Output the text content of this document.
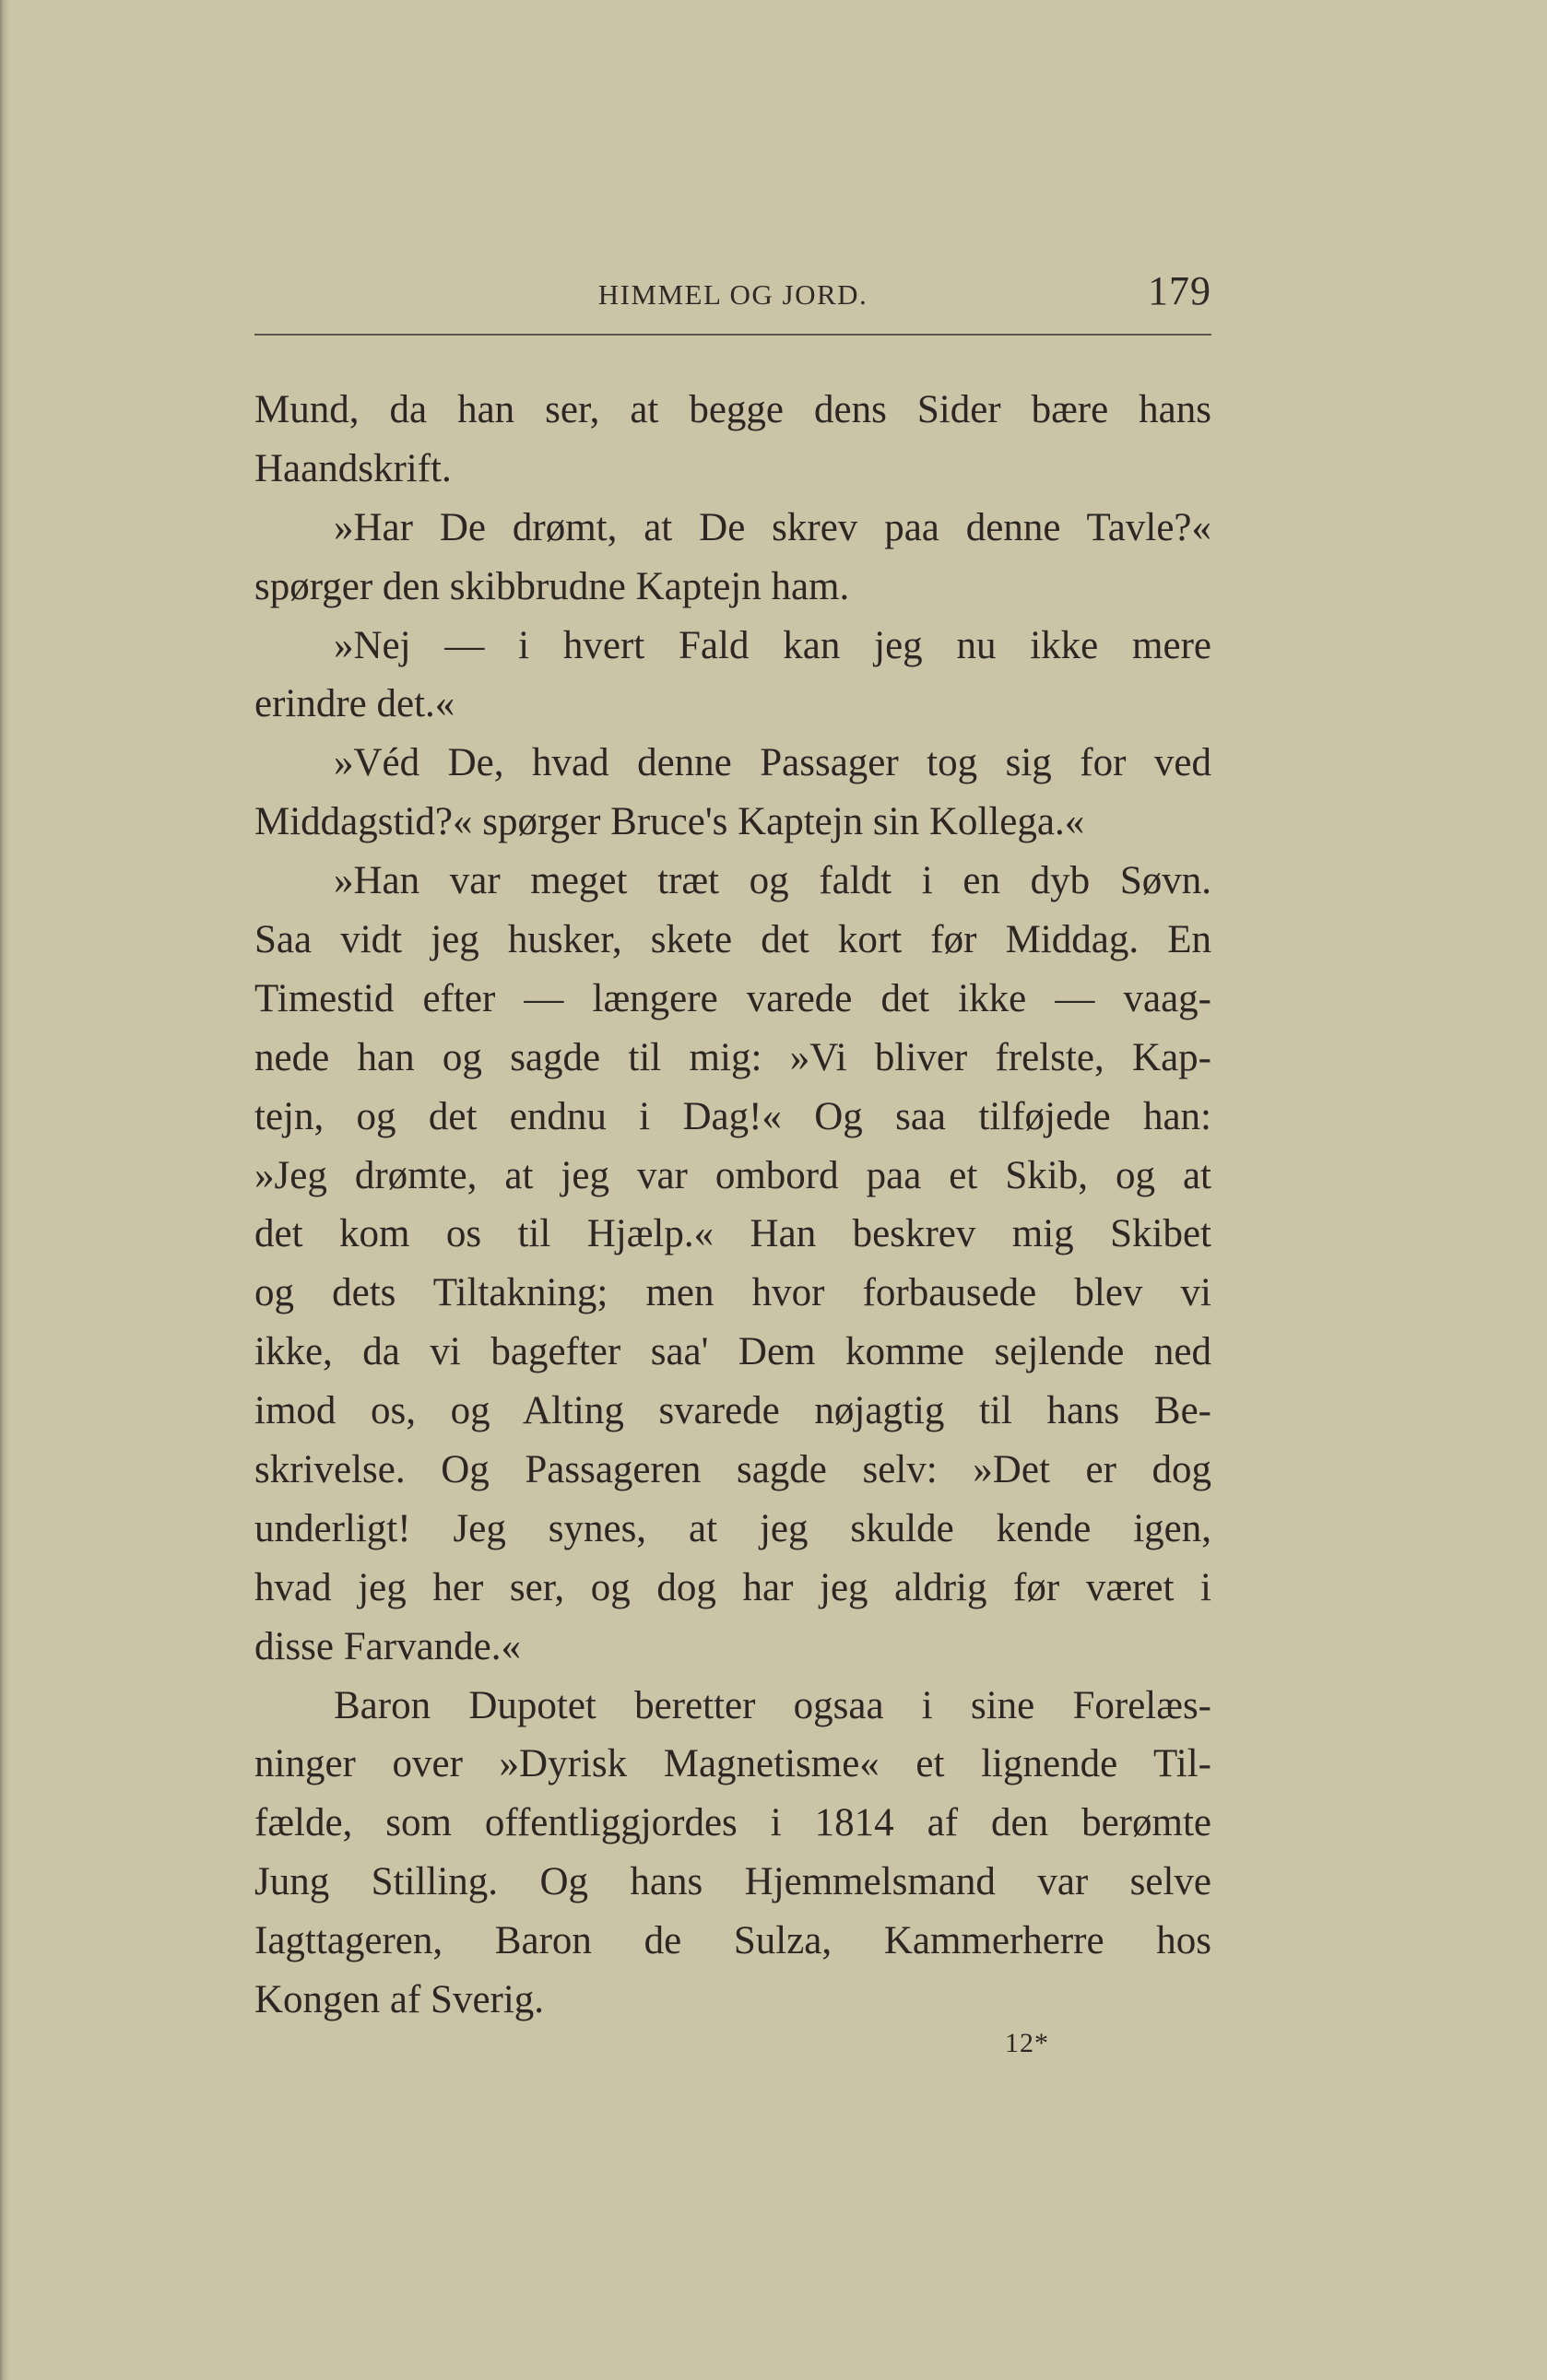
HIMMEL OG JORD.	179
Mund, da han ser, at begge dens Sider bære hans
Haandskrift.
»Har De drømt, at De skrev paa denne Tavle?«
spørger den skibbrudne Kaptejn ham.
»Nej — i hvert Fald kan jeg nu ikke mere
erindre det.«
»Véd De, hvad denne Passager tog sig for ved
Middagstid?« spørger Bruce's Kaptejn sin Kollega.«
»Han var meget træt og faldt i en dyb Søvn.
Saa vidt jeg husker, skete det kort før Middag. En
Timestid efter — længere varede det ikke — vaag-
nede han og sagde til mig: »Vi bliver frelste, Kap-
tejn, og det endnu i Dag!« Og saa tilføjede han:
»Jeg drømte, at jeg var ombord paa et Skib, og at
det kom os til Hjælp.« Han beskrev mig Skibet
og dets Tiltakning; men hvor forbausede blev vi
ikke, da vi bagefter saa' Dem komme sejlende ned
imod os, og Alting svarede nøjagtig til hans Be-
skrivelse. Og Passageren sagde selv: »Det er dog
underligt! Jeg synes, at jeg skulde kende igen,
hvad jeg her ser, og dog har jeg aldrig før været i
disse Farvande.«
Baron Dupotet beretter ogsaa i sine Forelæs-
ninger over »Dyrisk Magnetisme« et lignende Til-
fælde, som offentliggjordes i 1814 af den berømte
Jung Stilling. Og hans Hjemmelsmand var selve
Iagttageren, Baron de Sulza, Kammerherre hos
Kongen af Sverig.
12*
